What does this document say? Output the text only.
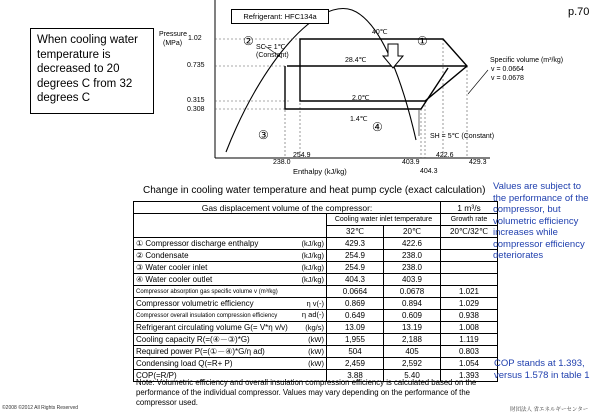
p.70
When cooling water temperature is decreased to 20 degrees C from 32 degrees C
Refrigerant: HFC134a
Pressure
(MPa)
1.02
0.735
0.315
0.308
238.0
254.9
403.9
404.3
422.6
429.3
Enthalpy (kJ/kg)
40℃
28.4℃
2.0℃
1.4℃
②	①
③
④
SC = 1℃
(Constant)
SH = 5℃ (Constant)
Specific volume (m³/kg)
v = 0.0664
v = 0.0678
Change in cooling water temperature and heat pump cycle (exact calculation)
Gas displacement volume of the compressor:			1 m³/s
	Cooling water inlet temperature		Growth rate
	32℃	20℃	20℃/32℃
① Compressor discharge enthalpy (kJ/kg)	429.3	422.6	
② Condensate (kJ/kg)	254.9	238.0	
③ Water cooler inlet (kJ/kg)	254.9	238.0	
④ Water cooler outlet (kJ/kg)	404.3	403.9	
Compressor absorption gas specific volume v (m³/kg)	0.0664	0.0678	1.021
Compressor volumetric efficiency η v(-)	0.869	0.894	1.029
Compressor overall insulation compression efficiency η ad(-)	0.649	0.609	0.938
Refrigerant circulating volume G(= V*η v/v) (kg/s)	13.09	13.19	1.008
Cooling capacity R(=(④－③)*G) (kW)	1,955	2,188	1.119
Required power P(=(①－④)*G/η ad) (kW)	504	405	0.803
Condensing load Q(=R+ P) (kW)	2,459	2,592	1.054
COP(=R/P)	3.88	5.40	1.393
Values are subject to the performance of the compressor, but volumetric efficiency increases while compressor efficiency deteriorates
COP stands at 1.393, versus 1.578 in table 1
Note: Volumetric efficiency and overall insulation compression efficiency is calculated based on the performance of the individual compressor. Values may vary depending on the performance of the compressor used.
©2008 ©2012 All Rights Reserved	財団法人 省エネルギーセンター
